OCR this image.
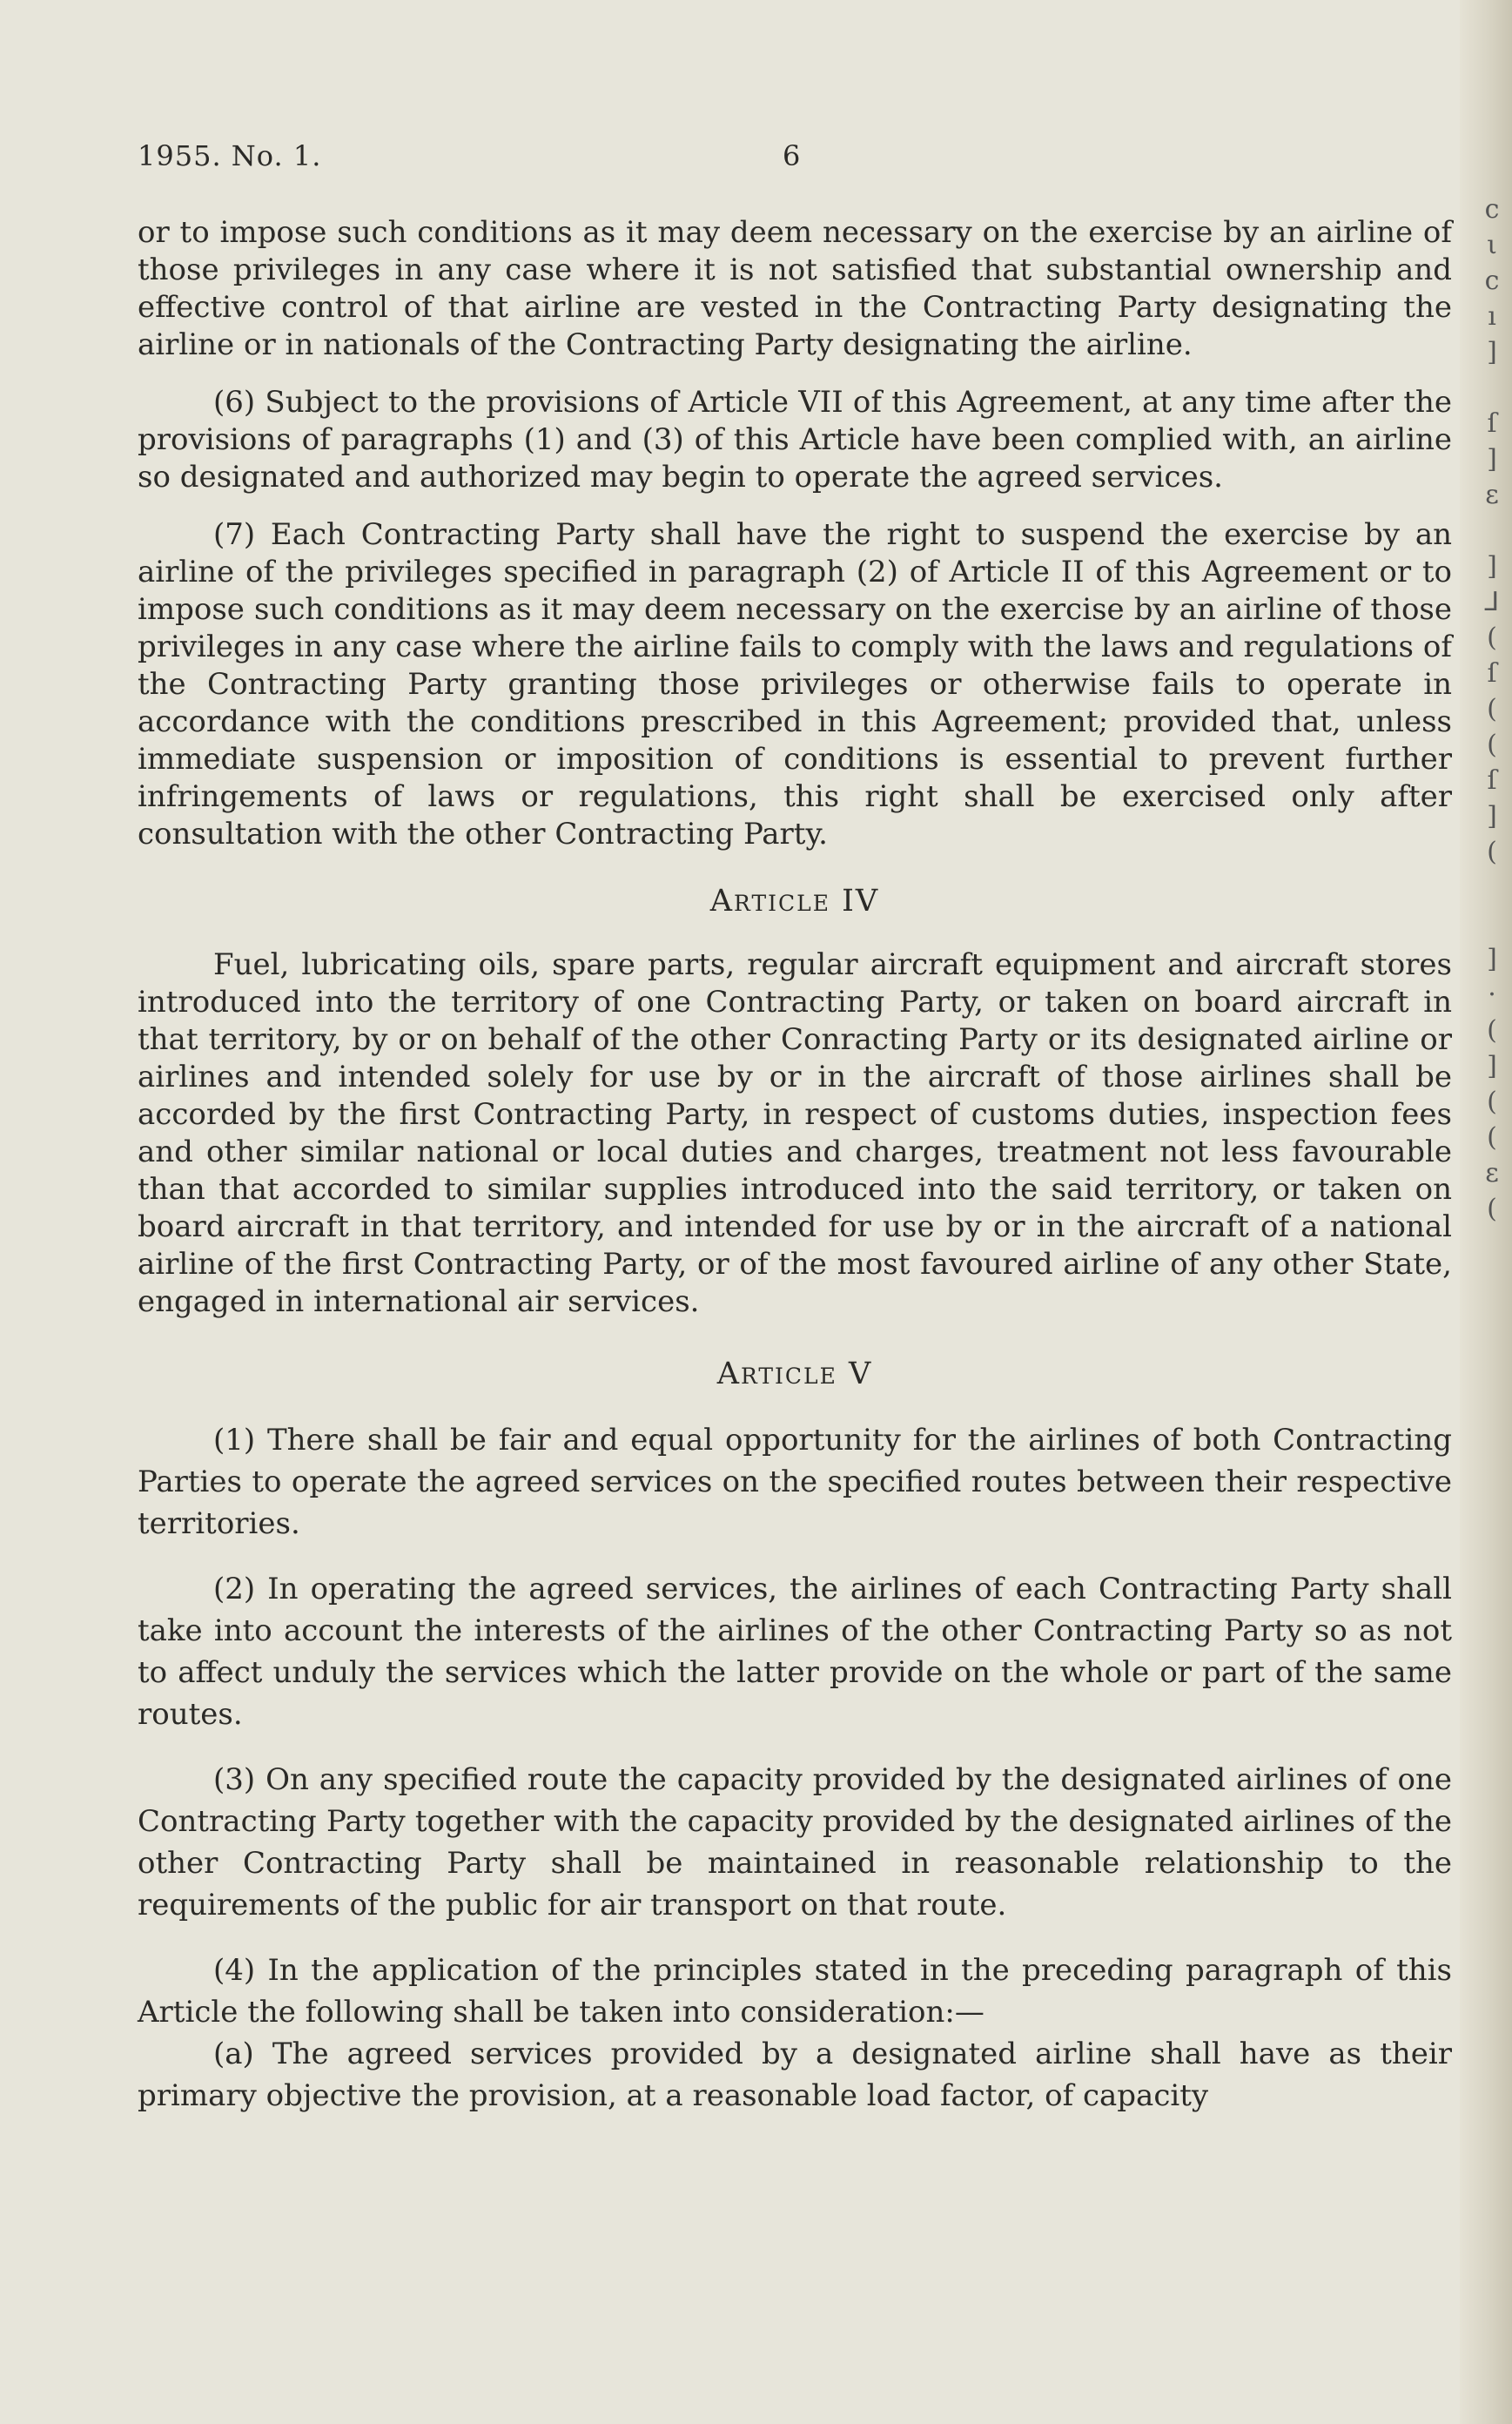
c
ι
c
ı
]

ſ
]
ɛ

]
⅃
(
ſ
(
(
ſ
]
(

]
·
(
]
(
(
ɛ
(
1955. No. 1.	6

or to impose such conditions as it may deem necessary on the exercise by an airline of those privileges in any case where it is not satisfied that substantial ownership and effective control of that airline are vested in the Contracting Party designating the airline or in nationals of the Contracting Party designating the airline.

(6) Subject to the provisions of Article VII of this Agreement, at any time after the provisions of paragraphs (1) and (3) of this Article have been complied with, an airline so designated and authorized may begin to operate the agreed services.

(7) Each Contracting Party shall have the right to suspend the exercise by an airline of the privileges specified in paragraph (2) of Article II of this Agreement or to impose such conditions as it may deem necessary on the exercise by an airline of those privileges in any case where the airline fails to comply with the laws and regulations of the Contracting Party granting those privileges or otherwise fails to operate in accordance with the conditions prescribed in this Agreement; provided that, unless immediate suspension or imposition of conditions is essential to prevent further infringements of laws or regulations, this right shall be exercised only after consultation with the other Contracting Party.

Article IV

Fuel, lubricating oils, spare parts, regular aircraft equipment and aircraft stores introduced into the territory of one Contracting Party, or taken on board aircraft in that territory, by or on behalf of the other Conracting Party or its designated airline or airlines and intended solely for use by or in the aircraft of those airlines shall be accorded by the first Contracting Party, in respect of customs duties, inspection fees and other similar national or local duties and charges, treatment not less favourable than that accorded to similar supplies introduced into the said territory, or taken on board aircraft in that territory, and intended for use by or in the aircraft of a national airline of the first Contracting Party, or of the most favoured airline of any other State, engaged in international air services.

Article V

(1) There shall be fair and equal opportunity for the airlines of both Contracting Parties to operate the agreed services on the specified routes between their respective territories.

(2) In operating the agreed services, the airlines of each Contracting Party shall take into account the interests of the airlines of the other Contracting Party so as not to affect unduly the services which the latter provide on the whole or part of the same routes.

(3) On any specified route the capacity provided by the designated airlines of one Contracting Party together with the capacity provided by the designated airlines of the other Contracting Party shall be maintained in reasonable relationship to the requirements of the public for air transport on that route.

(4) In the application of the principles stated in the preceding paragraph of this Article the following shall be taken into consideration:—

(a) The agreed services provided by a designated airline shall have as their primary objective the provision, at a reasonable load factor, of capacity
